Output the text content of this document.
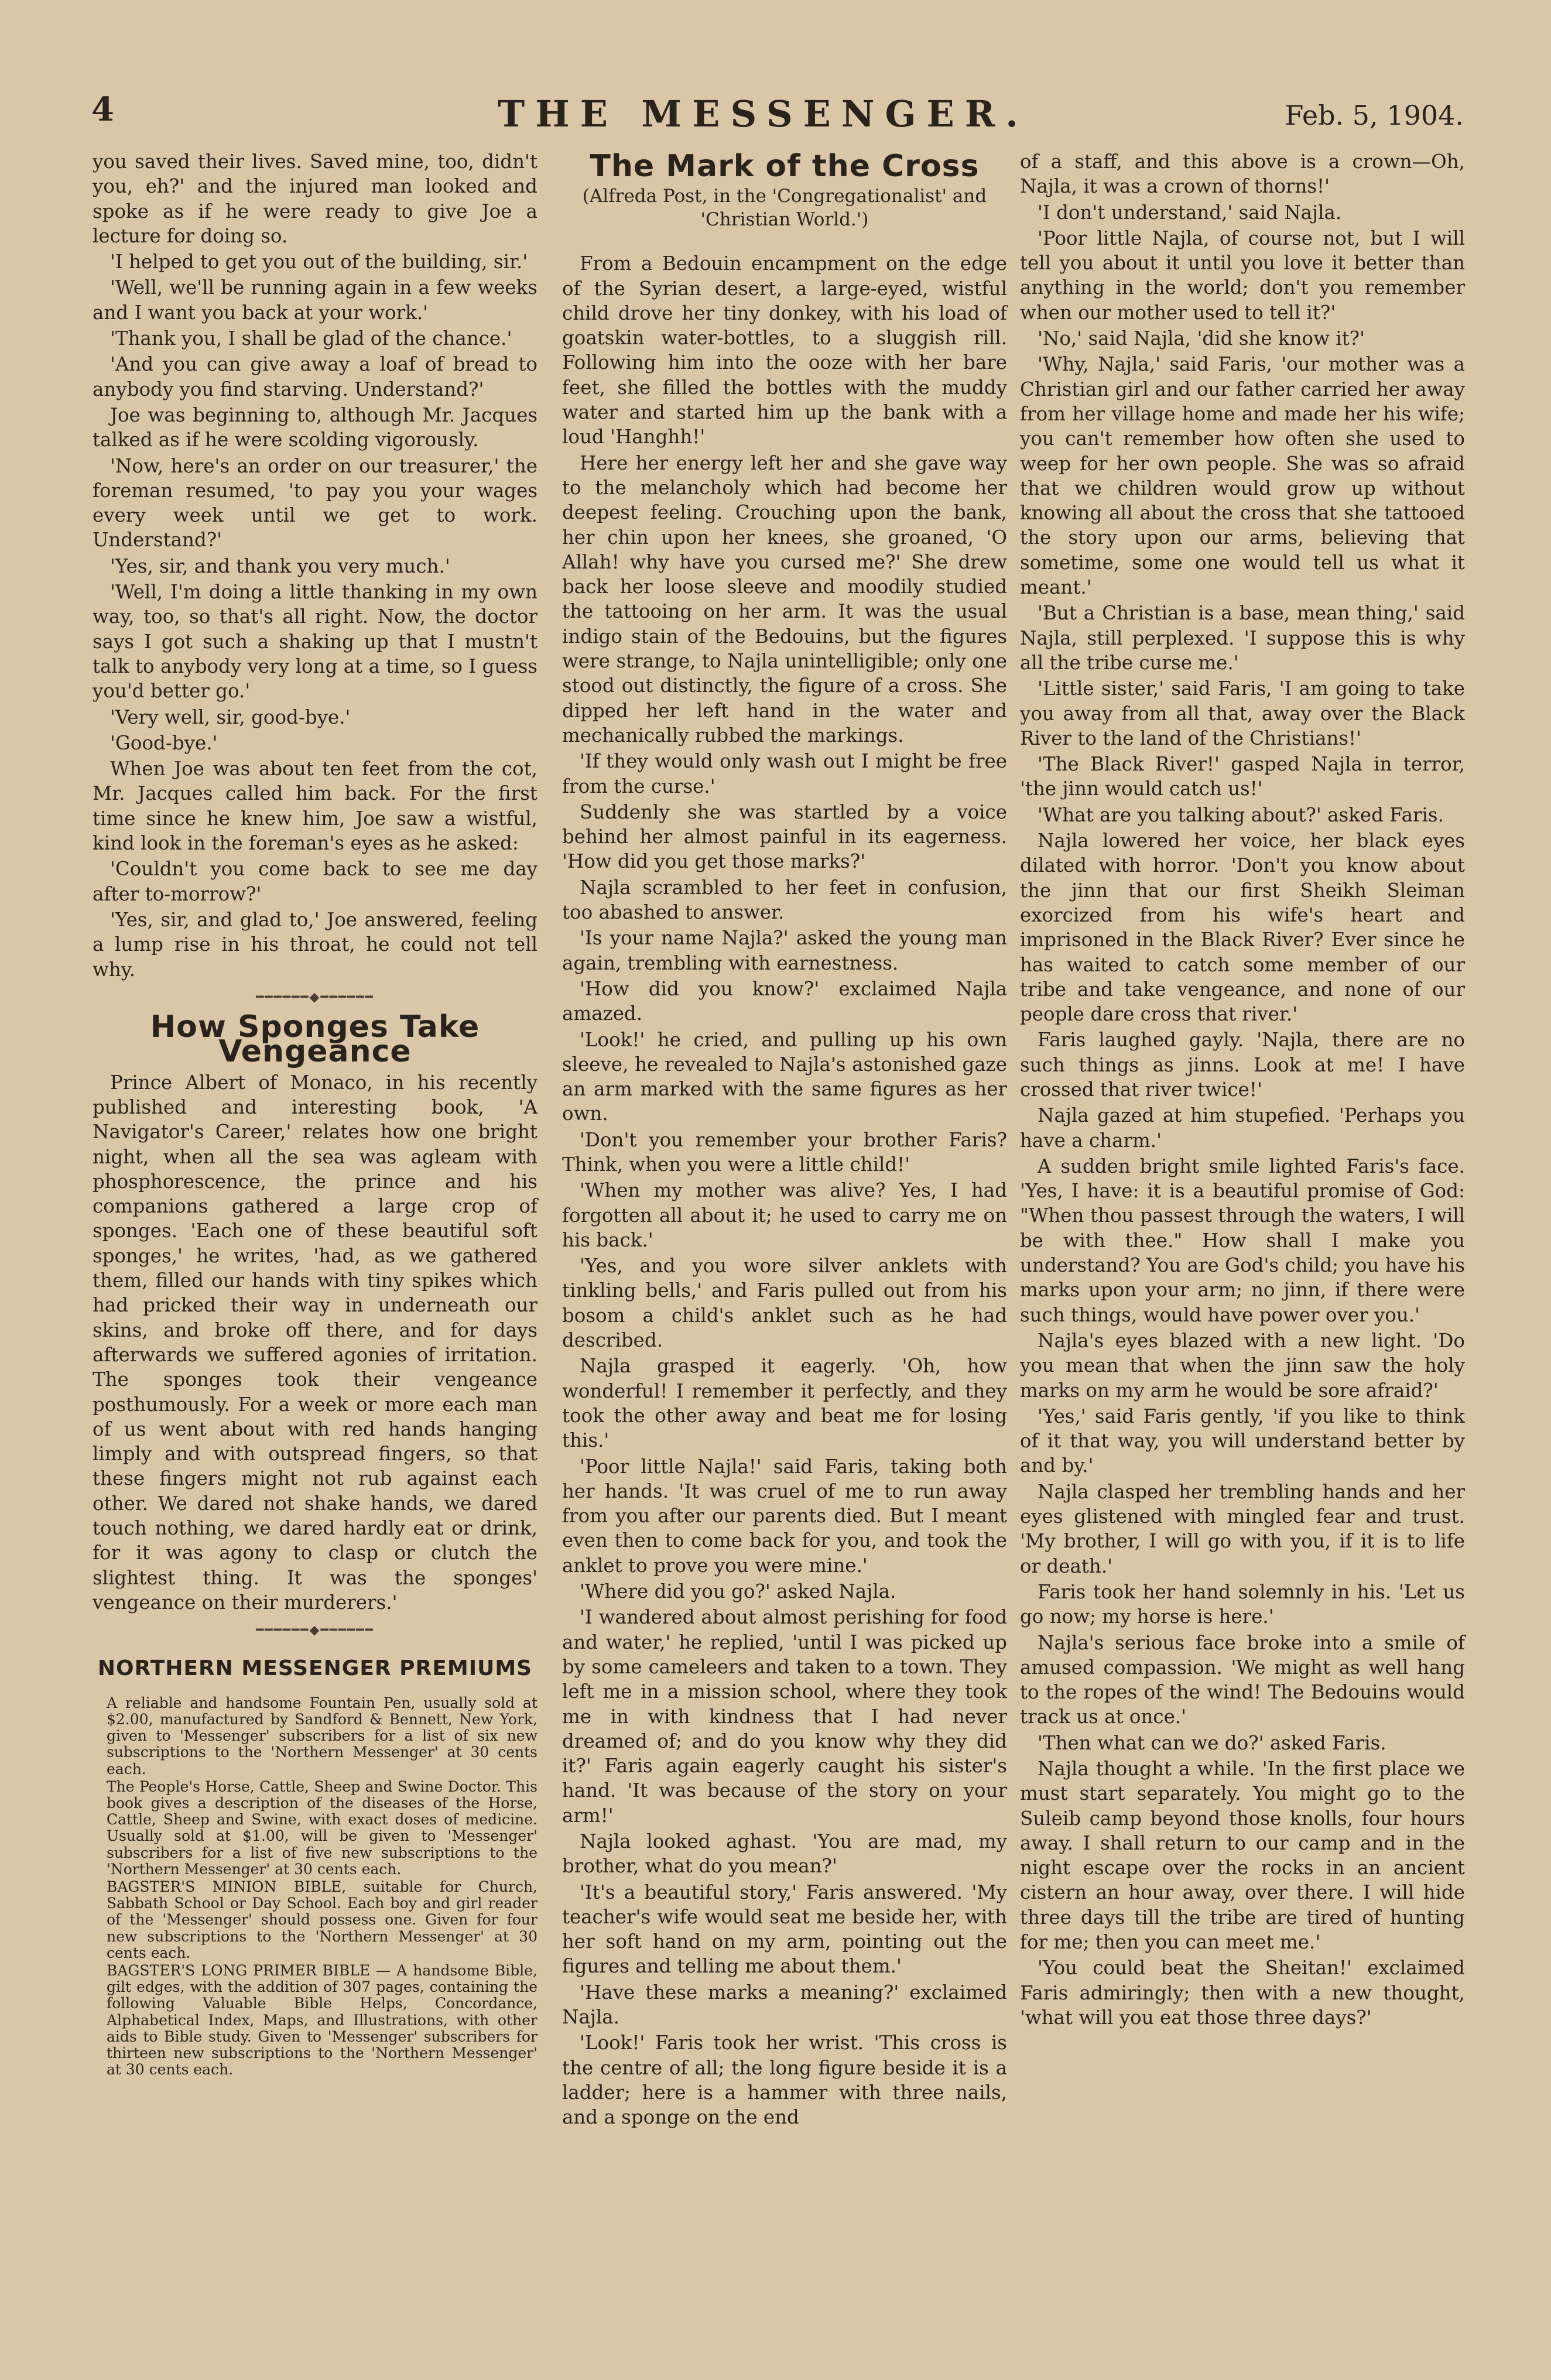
4	THE MESSENGER.	Feb. 5, 1904.

you saved their lives. Saved mine, too, didn't you, eh?' and the injured man looked and spoke as if he were ready to give Joe a lecture for doing so.

'I helped to get you out of the building, sir.'

'Well, we'll be running again in a few weeks and I want you back at your work.'

'Thank you, I shall be glad of the chance.'

'And you can give away a loaf of bread to anybody you find starving. Understand?'

Joe was beginning to, although Mr. Jacques talked as if he were scolding vigorously.

'Now, here's an order on our treasurer,' the foreman resumed, 'to pay you your wages every week until we get to work. Understand?'

'Yes, sir, and thank you very much.'

'Well, I'm doing a little thanking in my own way, too, so that's all right. Now, the doctor says I got such a shaking up that I mustn't talk to anybody very long at a time, so I guess you'd better go.'

'Very well, sir, good-bye.'

'Good-bye.'

When Joe was about ten feet from the cot, Mr. Jacques called him back. For the first time since he knew him, Joe saw a wistful, kind look in the foreman's eyes as he asked:

'Couldn't you come back to see me day after to-morrow?'

'Yes, sir, and glad to,' Joe answered, feeling a lump rise in his throat, he could not tell why.

━━━━━━◆━━━━━━
How Sponges Take Vengeance

Prince Albert of Monaco, in his recently published and interesting book, 'A Navigator's Career,' relates how one bright night, when all the sea was agleam with phosphorescence, the prince and his companions gathered a large crop of sponges. 'Each one of these beautiful soft sponges,' he writes, 'had, as we gathered them, filled our hands with tiny spikes which had pricked their way in underneath our skins, and broke off there, and for days afterwards we suffered agonies of irritation. The sponges took their vengeance posthumously. For a week or more each man of us went about with red hands hanging limply and with outspread fingers, so that these fingers might not rub against each other. We dared not shake hands, we dared touch nothing, we dared hardly eat or drink, for it was agony to clasp or clutch the slightest thing. It was the sponges' vengeance on their murderers.'

━━━━━━◆━━━━━━
NORTHERN MESSENGER PREMIUMS

A reliable and handsome Fountain Pen, usually sold at $2.00, manufactured by Sandford & Bennett, New York, given to 'Messenger' subscribers for a list of six new subscriptions to the 'Northern Messenger' at 30 cents each.

The People's Horse, Cattle, Sheep and Swine Doctor. This book gives a description of the diseases of the Horse, Cattle, Sheep and Swine, with exact doses of medicine. Usually sold at $1.00, will be given to 'Messenger' subscribers for a list of five new subscriptions to the 'Northern Messenger' at 30 cents each.

BAGSTER'S MINION BIBLE, suitable for Church, Sabbath School or Day School. Each boy and girl reader of the 'Messenger' should possess one. Given for four new subscriptions to the 'Northern Messenger' at 30 cents each.

BAGSTER'S LONG PRIMER BIBLE — A handsome Bible, gilt edges, with the addition of 307 pages, containing the following Valuable Bible Helps, Concordance, Alphabetical Index, Maps, and Illustrations, with other aids to Bible study. Given to 'Messenger' subscribers for thirteen new subscriptions to the 'Northern Messenger' at 30 cents each.

The Mark of the Cross

(Alfreda Post, in the 'Congregationalist' and 'Christian World.')

From a Bedouin encampment on the edge of the Syrian desert, a large-eyed, wistful child drove her tiny donkey, with his load of goatskin water-bottles, to a sluggish rill. Following him into the ooze with her bare feet, she filled the bottles with the muddy water and started him up the bank with a loud 'Hanghh!'

Here her energy left her and she gave way to the melancholy which had become her deepest feeling. Crouching upon the bank, her chin upon her knees, she groaned, 'O Allah! why have you cursed me?' She drew back her loose sleeve and moodily studied the tattooing on her arm. It was the usual indigo stain of the Bedouins, but the figures were strange, to Najla unintelligible; only one stood out distinctly, the figure of a cross. She dipped her left hand in the water and mechanically rubbed the markings.

'If they would only wash out I might be free from the curse.'

Suddenly she was startled by a voice behind her almost painful in its eagerness. 'How did you get those marks?'

Najla scrambled to her feet in confusion, too abashed to answer.

'Is your name Najla?' asked the young man again, trembling with earnestness.

'How did you know?' exclaimed Najla amazed.

'Look!' he cried, and pulling up his own sleeve, he revealed to Najla's astonished gaze an arm marked with the same figures as her own.

'Don't you remember your brother Faris? Think, when you were a little child!'

'When my mother was alive? Yes, I had forgotten all about it; he used to carry me on his back.'

'Yes, and you wore silver anklets with tinkling bells,' and Faris pulled out from his bosom a child's anklet such as he had described.

Najla grasped it eagerly. 'Oh, how wonderful! I remember it perfectly, and they took the other away and beat me for losing this.'

'Poor little Najla!' said Faris, taking both her hands. 'It was cruel of me to run away from you after our parents died. But I meant even then to come back for you, and took the anklet to prove you were mine.'

'Where did you go?' asked Najla.

'I wandered about almost perishing for food and water,' he replied, 'until I was picked up by some cameleers and taken to a town. They left me in a mission school, where they took me in with kindness that I had never dreamed of; and do you know why they did it?' Faris again eagerly caught his sister's hand. 'It was because of the story on your arm!'

Najla looked aghast. 'You are mad, my brother, what do you mean?'

'It's a beautiful story,' Faris answered. 'My teacher's wife would seat me beside her, with her soft hand on my arm, pointing out the figures and telling me about them.'

'Have these marks a meaning?' exclaimed Najla.

'Look!' Faris took her wrist. 'This cross is the centre of all; the long figure beside it is a ladder; here is a hammer with three nails, and a sponge on the end

of a staff, and this above is a crown—Oh, Najla, it was a crown of thorns!'

'I don't understand,' said Najla.

'Poor little Najla, of course not, but I will tell you about it until you love it better than anything in the world; don't you remember when our mother used to tell it?'

'No,' said Najla, 'did she know it?'

'Why, Najla,' said Faris, 'our mother was a Christian girl and our father carried her away from her village home and made her his wife; you can't remember how often she used to weep for her own people. She was so afraid that we children would grow up without knowing all about the cross that she tattooed the story upon our arms, believing that sometime, some one would tell us what it meant.'

'But a Christian is a base, mean thing,' said Najla, still perplexed. 'I suppose this is why all the tribe curse me.'

'Little sister,' said Faris, 'I am going to take you away from all that, away over the Black River to the land of the Christians!'

'The Black River!' gasped Najla in terror, 'the jinn would catch us!'

'What are you talking about?' asked Faris.

Najla lowered her voice, her black eyes dilated with horror. 'Don't you know about the jinn that our first Sheikh Sleiman exorcized from his wife's heart and imprisoned in the Black River? Ever since he has waited to catch some member of our tribe and take vengeance, and none of our people dare cross that river.'

Faris laughed gayly. 'Najla, there are no such things as jinns. Look at me! I have crossed that river twice!'

Najla gazed at him stupefied. 'Perhaps you have a charm.'

A sudden bright smile lighted Faris's face. 'Yes, I have: it is a beautiful promise of God: "When thou passest through the waters, I will be with thee." How shall I make you understand? You are God's child; you have his marks upon your arm; no jinn, if there were such things, would have power over you.'

Najla's eyes blazed with a new light. 'Do you mean that when the jinn saw the holy marks on my arm he would be sore afraid?'

'Yes,' said Faris gently, 'if you like to think of it that way, you will understand better by and by.'

Najla clasped her trembling hands and her eyes glistened with mingled fear and trust. 'My brother, I will go with you, if it is to life or death.'

Faris took her hand solemnly in his. 'Let us go now; my horse is here.'

Najla's serious face broke into a smile of amused compassion. 'We might as well hang to the ropes of the wind! The Bedouins would track us at once.'

'Then what can we do?' asked Faris.

Najla thought a while. 'In the first place we must start separately. You might go to the Suleib camp beyond those knolls, four hours away. I shall return to our camp and in the night escape over the rocks in an ancient cistern an hour away, over there. I will hide three days till the tribe are tired of hunting for me; then you can meet me.'

'You could beat the Sheitan!' exclaimed Faris admiringly; then with a new thought, 'what will you eat those three days?'
